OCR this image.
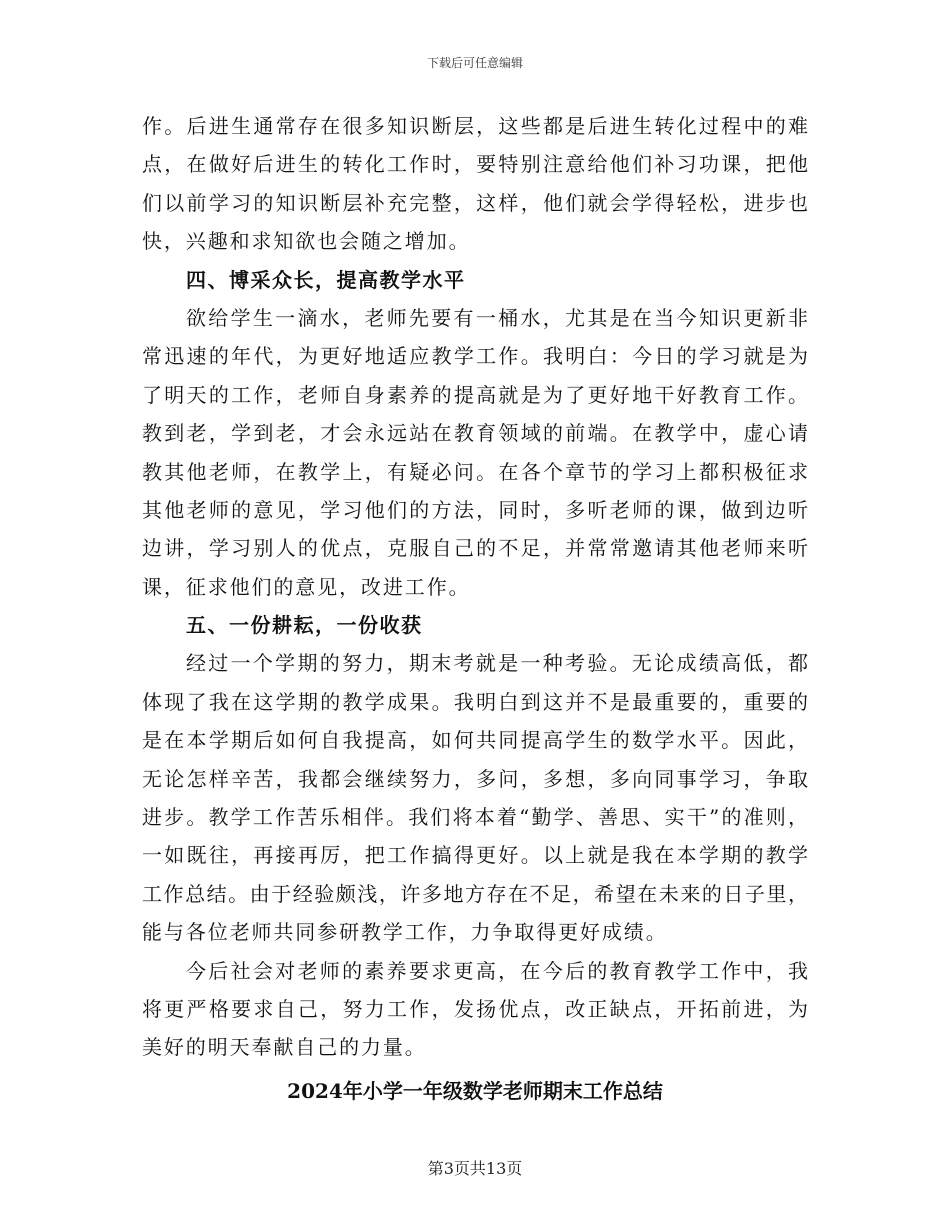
下载后可任意编辑
作。后进生通常存在很多知识断层，这些都是后进生转化过程中的难
点，在做好后进生的转化工作时，要特别注意给他们补习功课，把他
们以前学习的知识断层补充完整，这样，他们就会学得轻松，进步也
快，兴趣和求知欲也会随之增加。
四、博采众长，提高教学水平
欲给学生一滴水，老师先要有一桶水，尤其是在当今知识更新非
常迅速的年代，为更好地适应教学工作。我明白：今日的学习就是为
了明天的工作，老师自身素养的提高就是为了更好地干好教育工作。
教到老，学到老，才会永远站在教育领域的前端。在教学中，虚心请
教其他老师，在教学上，有疑必问。在各个章节的学习上都积极征求
其他老师的意见，学习他们的方法，同时，多听老师的课，做到边听
边讲，学习别人的优点，克服自己的不足，并常常邀请其他老师来听
课，征求他们的意见，改进工作。
五、一份耕耘，一份收获
经过一个学期的努力，期末考就是一种考验。无论成绩高低，都
体现了我在这学期的教学成果。我明白到这并不是最重要的，重要的
是在本学期后如何自我提高，如何共同提高学生的数学水平。因此，
无论怎样辛苦，我都会继续努力，多问，多想，多向同事学习，争取
进步。教学工作苦乐相伴。我们将本着“勤学、善思、实干”的准则，
一如既往，再接再厉，把工作搞得更好。以上就是我在本学期的教学
工作总结。由于经验颇浅，许多地方存在不足，希望在未来的日子里，
能与各位老师共同参研教学工作，力争取得更好成绩。
今后社会对老师的素养要求更高，在今后的教育教学工作中，我
将更严格要求自己，努力工作，发扬优点，改正缺点，开拓前进，为
美好的明天奉献自己的力量。
2024年小学一年级数学老师期末工作总结
第3页共13页
